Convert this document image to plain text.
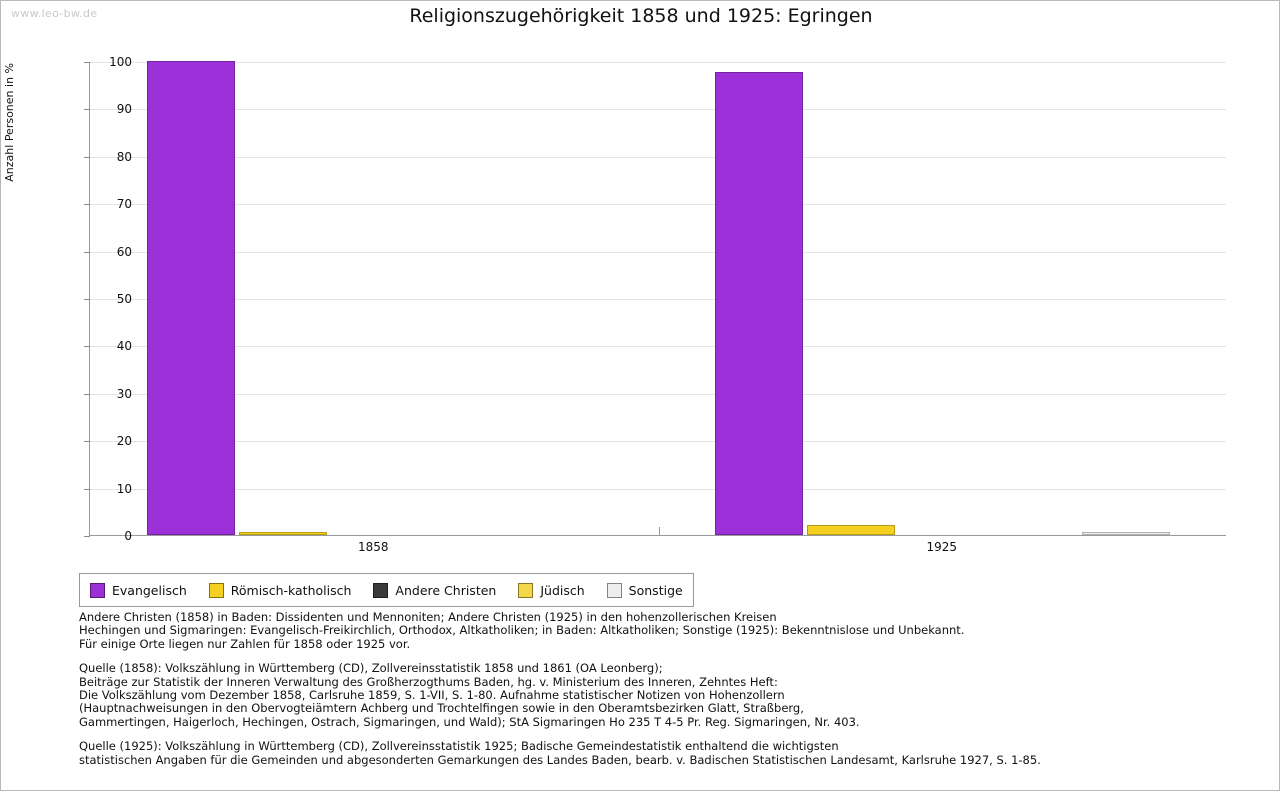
www.leo-bw.de	Religionszugehörigkeit 1858 und 1925: Egringen
Anzahl Personen in %
0
10
20
30
40
50
60
70
80
90
100
1858	1925
Evangelisch	Römisch-katholisch	Andere Christen	Jüdisch	Sonstige

Andere Christen (1858) in Baden: Dissidenten und Mennoniten; Andere Christen (1925) in den hohenzollerischen Kreisen
Hechingen und Sigmaringen: Evangelisch-Freikirchlich, Orthodox, Altkatholiken; in Baden: Altkatholiken; Sonstige (1925): Bekenntnislose und Unbekannt.
Für einige Orte liegen nur Zahlen für 1858 oder 1925 vor.

Quelle (1858): Volkszählung in Württemberg (CD), Zollvereinsstatistik 1858 und 1861 (OA Leonberg);
Beiträge zur Statistik der Inneren Verwaltung des Großherzogthums Baden, hg. v. Ministerium des Inneren, Zehntes Heft:
Die Volkszählung vom Dezember 1858, Carlsruhe 1859, S. 1-VII, S. 1-80. Aufnahme statistischer Notizen von Hohenzollern
(Hauptnachweisungen in den Obervogteiämtern Achberg und Trochtelfingen sowie in den Oberamtsbezirken Glatt, Straßberg,
Gammertingen, Haigerloch, Hechingen, Ostrach, Sigmaringen, und Wald); StA Sigmaringen Ho 235 T 4-5 Pr. Reg. Sigmaringen, Nr. 403.

Quelle (1925): Volkszählung in Württemberg (CD), Zollvereinsstatistik 1925; Badische Gemeindestatistik enthaltend die wichtigsten
statistischen Angaben für die Gemeinden und abgesonderten Gemarkungen des Landes Baden, bearb. v. Badischen Statistischen Landesamt, Karlsruhe 1927, S. 1-85.
